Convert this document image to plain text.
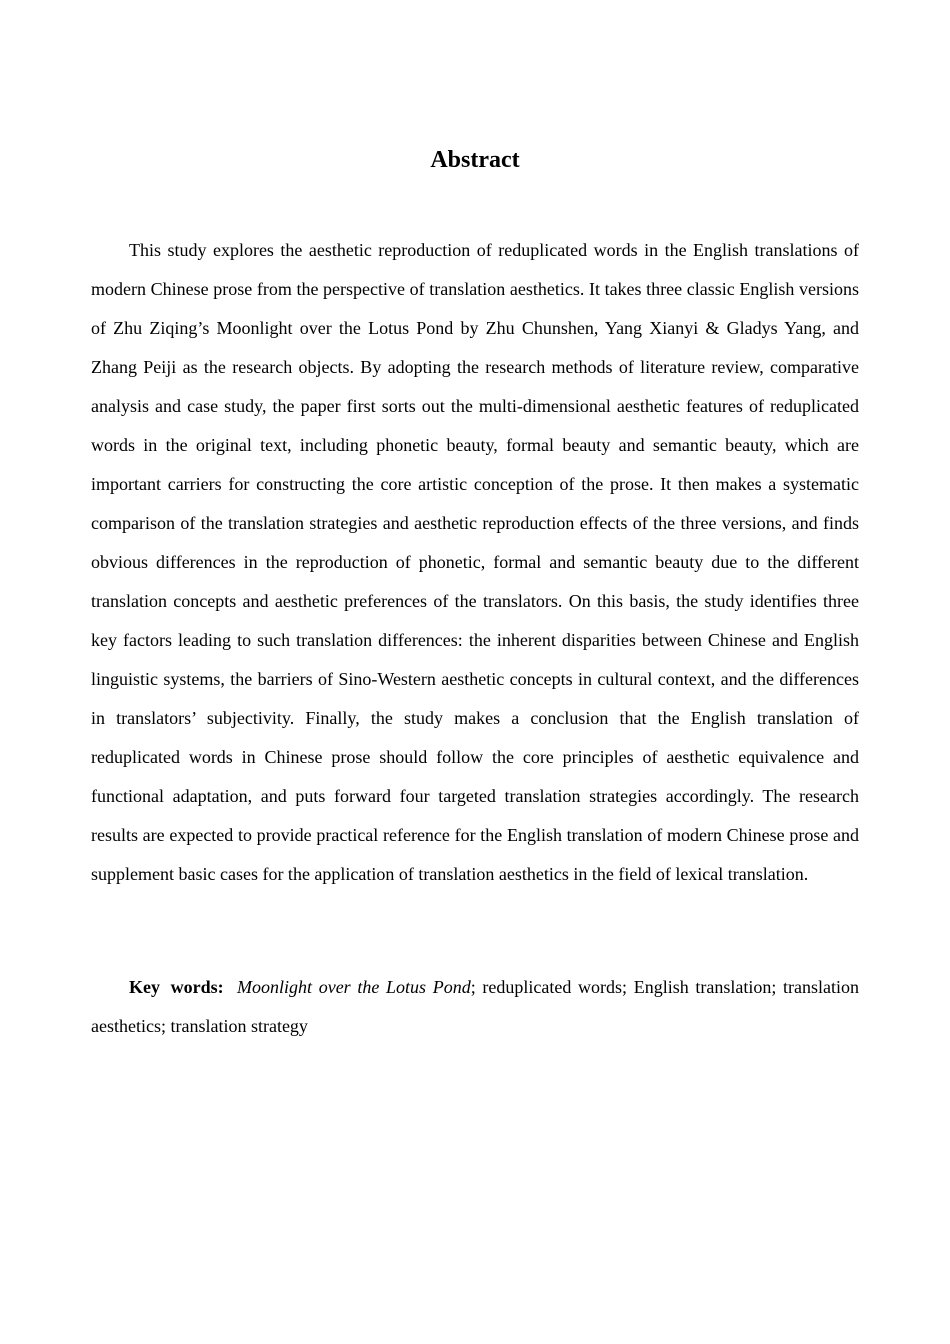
Abstract

This study explores the aesthetic reproduction of reduplicated words in the English translations of modern Chinese prose from the perspective of translation aesthetics. It takes three classic English versions of Zhu Ziqing’s Moonlight over the Lotus Pond by Zhu Chunshen, Yang Xianyi & Gladys Yang, and Zhang Peiji as the research objects. By adopting the research methods of literature review, comparative analysis and case study, the paper first sorts out the multi-dimensional aesthetic features of reduplicated words in the original text, including phonetic beauty, formal beauty and semantic beauty, which are important carriers for constructing the core artistic conception of the prose. It then makes a systematic comparison of the translation strategies and aesthetic reproduction effects of the three versions, and finds obvious differences in the reproduction of phonetic, formal and semantic beauty due to the different translation concepts and aesthetic preferences of the translators. On this basis, the study identifies three key factors leading to such translation differences: the inherent disparities between Chinese and English linguistic systems, the barriers of Sino-Western aesthetic concepts in cultural context, and the differences in translators’ subjectivity. Finally, the study makes a conclusion that the English translation of reduplicated words in Chinese prose should follow the core principles of aesthetic equivalence and functional adaptation, and puts forward four targeted translation strategies accordingly. The research results are expected to provide practical reference for the English translation of modern Chinese prose and supplement basic cases for the application of translation aesthetics in the field of lexical translation.

Key words: Moonlight over the Lotus Pond; reduplicated words; English translation; translation aesthetics; translation strategy
